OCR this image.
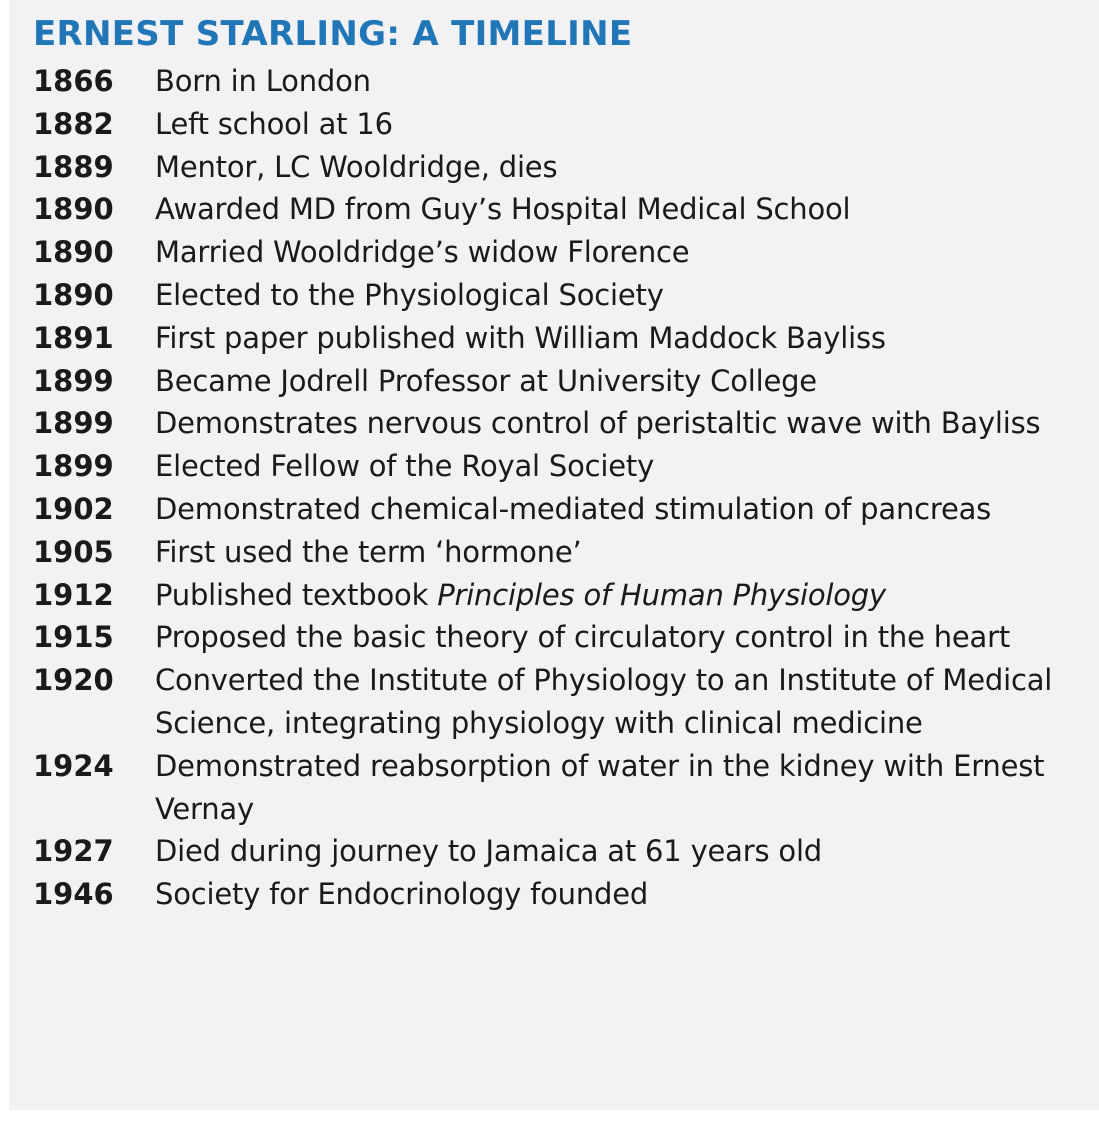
ERNEST STARLING: A TIMELINE
1866	Born in London
1882	Left school at 16
1889	Mentor, LC Wooldridge, dies
1890	Awarded MD from Guy’s Hospital Medical School
1890	Married Wooldridge’s widow Florence
1890	Elected to the Physiological Society
1891	First paper published with William Maddock Bayliss
1899	Became Jodrell Professor at University College
1899	Demonstrates nervous control of peristaltic wave with Bayliss
1899	Elected Fellow of the Royal Society
1902	Demonstrated chemical-mediated stimulation of pancreas
1905	First used the term ‘hormone’
1912	Published textbook Principles of Human Physiology
1915	Proposed the basic theory of circulatory control in the heart
1920	Converted the Institute of Physiology to an Institute of Medical Science, integrating physiology with clinical medicine
1924	Demonstrated reabsorption of water in the kidney with Ernest Vernay
1927	Died during journey to Jamaica at 61 years old
1946	Society for Endocrinology founded
